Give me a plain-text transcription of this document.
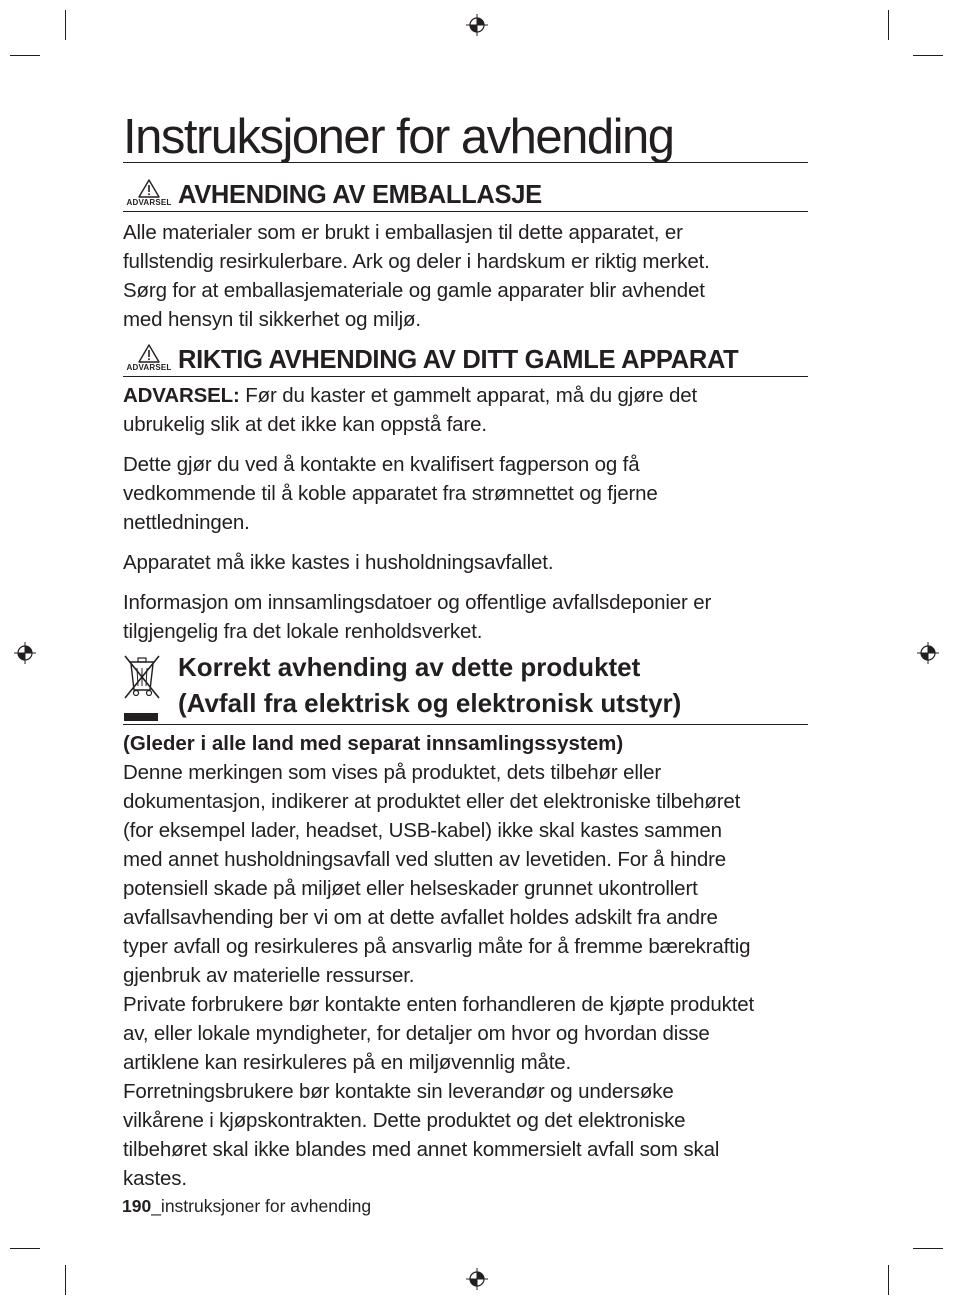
Instruksjoner for avhending
ADVARSEL AVHENDING AV EMBALLASJE

Alle materialer som er brukt i emballasjen til dette apparatet, er

fullstendig resirkulerbare. Ark og deler i hardskum er riktig merket.

Sørg for at emballasjemateriale og gamle apparater blir avhendet

med hensyn til sikkerhet og miljø.

ADVARSEL RIKTIG AVHENDING AV DITT GAMLE APPARAT

ADVARSEL: Før du kaster et gammelt apparat, må du gjøre det

ubrukelig slik at det ikke kan oppstå fare.

Dette gjør du ved å kontakte en kvalifisert fagperson og få

vedkommende til å koble apparatet fra strømnettet og fjerne

nettledningen.

Apparatet må ikke kastes i husholdningsavfallet.

Informasjon om innsamlingsdatoer og offentlige avfallsdeponier er

tilgjengelig fra det lokale renholdsverket.

Korrekt avhending av dette produktet
(Avfall fra elektrisk og elektronisk utstyr)

(Gleder i alle land med separat innsamlingssystem)

Denne merkingen som vises på produktet, dets tilbehør eller

dokumentasjon, indikerer at produktet eller det elektroniske tilbehøret

(for eksempel lader, headset, USB-kabel) ikke skal kastes sammen

med annet husholdningsavfall ved slutten av levetiden. For å hindre

potensiell skade på miljøet eller helseskader grunnet ukontrollert

avfallsavhending ber vi om at dette avfallet holdes adskilt fra andre

typer avfall og resirkuleres på ansvarlig måte for å fremme bærekraftig

gjenbruk av materielle ressurser.

Private forbrukere bør kontakte enten forhandleren de kjøpte produktet

av, eller lokale myndigheter, for detaljer om hvor og hvordan disse

artiklene kan resirkuleres på en miljøvennlig måte.

Forretningsbrukere bør kontakte sin leverandør og undersøke

vilkårene i kjøpskontrakten. Dette produktet og det elektroniske

tilbehøret skal ikke blandes med annet kommersielt avfall som skal

kastes.

190_instruksjoner for avhending
